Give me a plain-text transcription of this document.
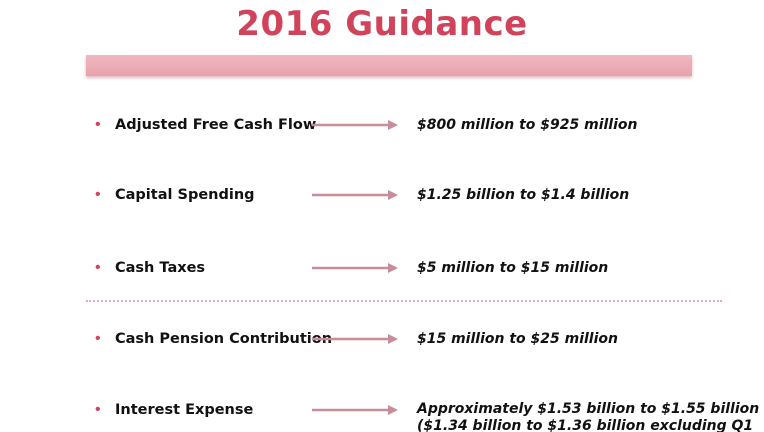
2016 Guidance
• Adjusted Free Cash Flow	$800 million to $925 million
• Capital Spending	$1.25 billion to $1.4 billion
• Cash Taxes	$5 million to $15 million
• Cash Pension Contribution	$15 million to $25 million
• Interest Expense	Approximately $1.53 billion to $1.55 billion
($1.34 billion to $1.36 billion excluding Q1
